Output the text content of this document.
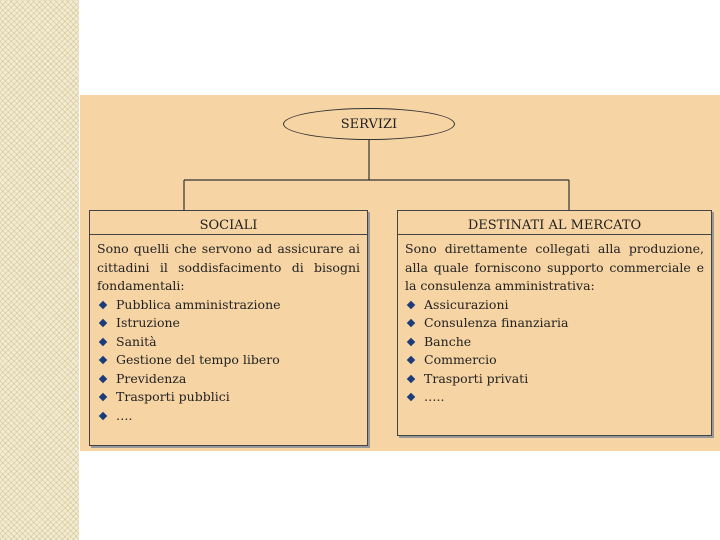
SERVIZI
SOCIALI
Sono quelli che servono ad assicurare ai cittadini il soddisfacimento di bisogni fondamentali:
Pubblica amministrazione
Istruzione
Sanità
Gestione del tempo libero
Previdenza
Trasporti pubblici
….
DESTINATI AL MERCATO
Sono direttamente collegati alla produzione, alla quale forniscono supporto commerciale e la consulenza amministrativa:
Assicurazioni
Consulenza finanziaria
Banche
Commercio
Trasporti privati
…..
